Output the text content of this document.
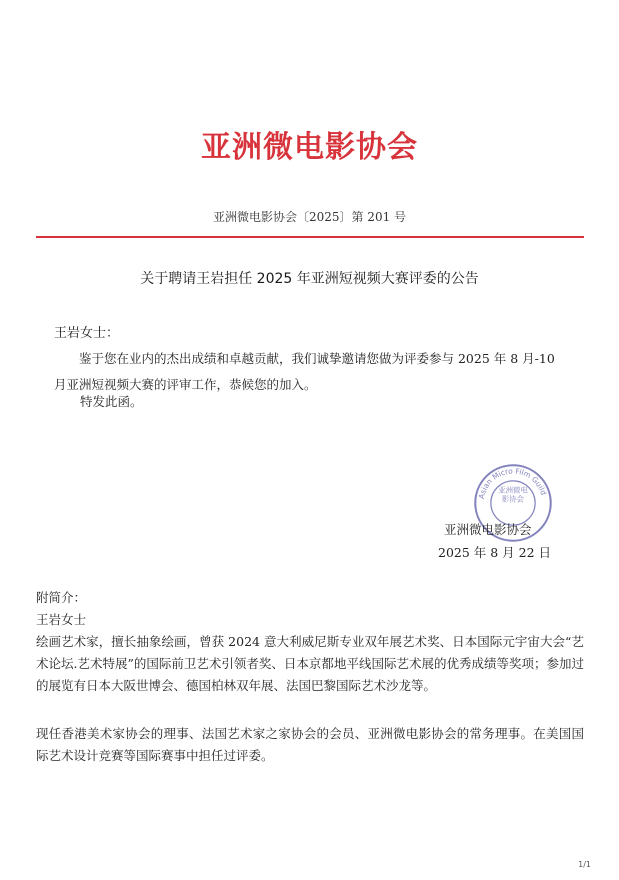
亚洲微电影协会
亚洲微电影协会〔2025〕第 201 号
关于聘请王岩担任 2025 年亚洲短视频大赛评委的公告
王岩女士：

鉴于您在业内的杰出成绩和卓越贡献，我们诚挚邀请您做为评委参与 2025 年 8 月-10 月亚洲短视频大赛的评审工作，恭候您的加入。

特发此函。
Asian Micro Film Guild
亚洲微电影协会
亚洲微电影协会
2025 年 8 月 22 日
附简介：
王岩女士

绘画艺术家，擅长抽象绘画，曾获 2024 意大利威尼斯专业双年展艺术奖、日本国际元宇宙大会“艺术论坛.艺术特展”的国际前卫艺术引领者奖、日本京都地平线国际艺术展的优秀成绩等奖项；参加过的展览有日本大阪世博会、德国柏林双年展、法国巴黎国际艺术沙龙等。

现任香港美术家协会的理事、法国艺术家之家协会的会员、亚洲微电影协会的常务理事。在美国国际艺术设计竞赛等国际赛事中担任过评委。

1/1
